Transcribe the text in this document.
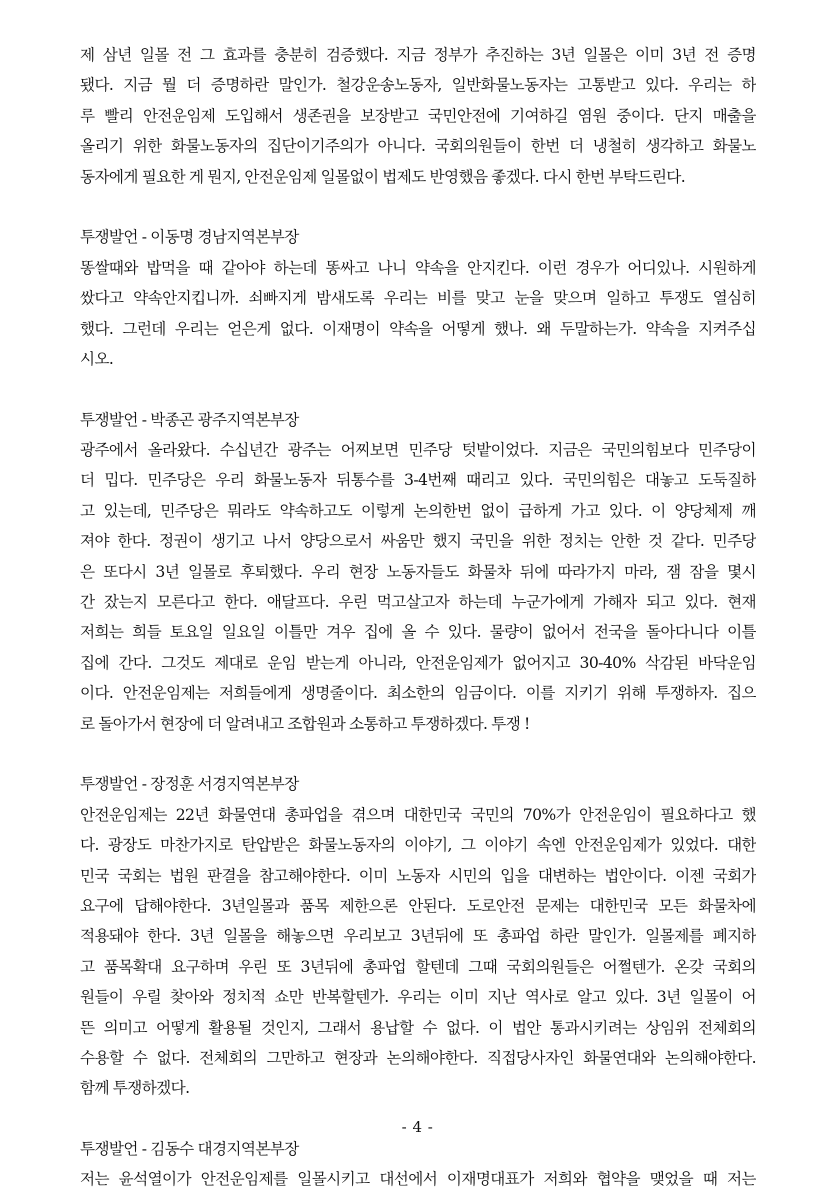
제 삼년 일몰 전 그 효과를 충분히 검증했다. 지금 정부가 추진하는 3년 일몰은 이미 3년 전 증명
됐다. 지금 뭘 더 증명하란 말인가. 철강운송노동자, 일반화물노동자는 고통받고 있다. 우리는 하
루 빨리 안전운임제 도입해서 생존권을 보장받고 국민안전에 기여하길 염원 중이다. 단지 매출을
올리기 위한 화물노동자의 집단이기주의가 아니다. 국회의원들이 한번 더 냉철히 생각하고 화물노
동자에게 필요한 게 뭔지, 안전운임제 일몰없이 법제도 반영했음 좋겠다. 다시 한번 부탁드린다.
투쟁발언 - 이동명 경남지역본부장
똥쌀때와 밥먹을 때 같아야 하는데 똥싸고 나니 약속을 안지킨다. 이런 경우가 어디있나. 시원하게
쌌다고 약속안지킵니까. 쇠빠지게 밤새도록 우리는 비를 맞고 눈을 맞으며 일하고 투쟁도 열심히
했다. 그런데 우리는 얻은게 없다. 이재명이 약속을 어떻게 했나. 왜 두말하는가. 약속을 지켜주십
시오.
투쟁발언 - 박종곤 광주지역본부장
광주에서 올라왔다. 수십년간 광주는 어찌보면 민주당 텃밭이었다. 지금은 국민의힘보다 민주당이
더 밉다. 민주당은 우리 화물노동자 뒤통수를 3-4번째 때리고 있다. 국민의힘은 대놓고 도둑질하
고 있는데, 민주당은 뭐라도 약속하고도 이렇게 논의한번 없이 급하게 가고 있다. 이 양당체제 깨
져야 한다. 정권이 생기고 나서 양당으로서 싸움만 했지 국민을 위한 정치는 안한 것 같다. 민주당
은 또다시 3년 일몰로 후퇴했다. 우리 현장 노동자들도 화물차 뒤에 따라가지 마라, 잼 잠을 몇시
간 잤는지 모른다고 한다. 애달프다. 우린 먹고살고자 하는데 누군가에게 가해자 되고 있다. 현재
저희는 희들 토요일 일요일 이틀만 겨우 집에 올 수 있다. 물량이 없어서 전국을 돌아다니다 이틀
집에 간다. 그것도 제대로 운임 받는게 아니라, 안전운임제가 없어지고 30-40% 삭감된 바닥운임
이다. 안전운임제는 저희들에게 생명줄이다. 최소한의 임금이다. 이를 지키기 위해 투쟁하자. 집으
로 돌아가서 현장에 더 알려내고 조합원과 소통하고 투쟁하겠다. 투쟁 !
투쟁발언 - 장정훈 서경지역본부장
안전운임제는 22년 화물연대 총파업을 겪으며 대한민국 국민의 70%가 안전운임이 필요하다고 했
다. 광장도 마찬가지로 탄압받은 화물노동자의 이야기, 그 이야기 속엔 안전운임제가 있었다. 대한
민국 국회는 법원 판결을 참고해야한다. 이미 노동자 시민의 입을 대변하는 법안이다. 이젠 국회가
요구에 답해야한다. 3년일몰과 품목 제한으론 안된다. 도로안전 문제는 대한민국 모든 화물차에
적용돼야 한다. 3년 일몰을 해놓으면 우리보고 3년뒤에 또 총파업 하란 말인가. 일몰제를 폐지하
고 품목확대 요구하며 우린 또 3년뒤에 총파업 할텐데 그때 국회의원들은 어쩔텐가. 온갖 국회의
원들이 우릴 찾아와 정치적 쇼만 반복할텐가. 우리는 이미 지난 역사로 알고 있다. 3년 일몰이 어
뜬 의미고 어떻게 활용될 것인지, 그래서 용납할 수 없다. 이 법안 통과시키려는 상임위 전체회의
수용할 수 없다. 전체회의 그만하고 현장과 논의해야한다. 직접당사자인 화물연대와 논의해야한다.
함께 투쟁하겠다.
투쟁발언 - 김동수 대경지역본부장
저는 윤석열이가 안전운임제를 일몰시키고 대선에서 이재명대표가 저희와 협약을 맺었을 때 저는
- 4 -
